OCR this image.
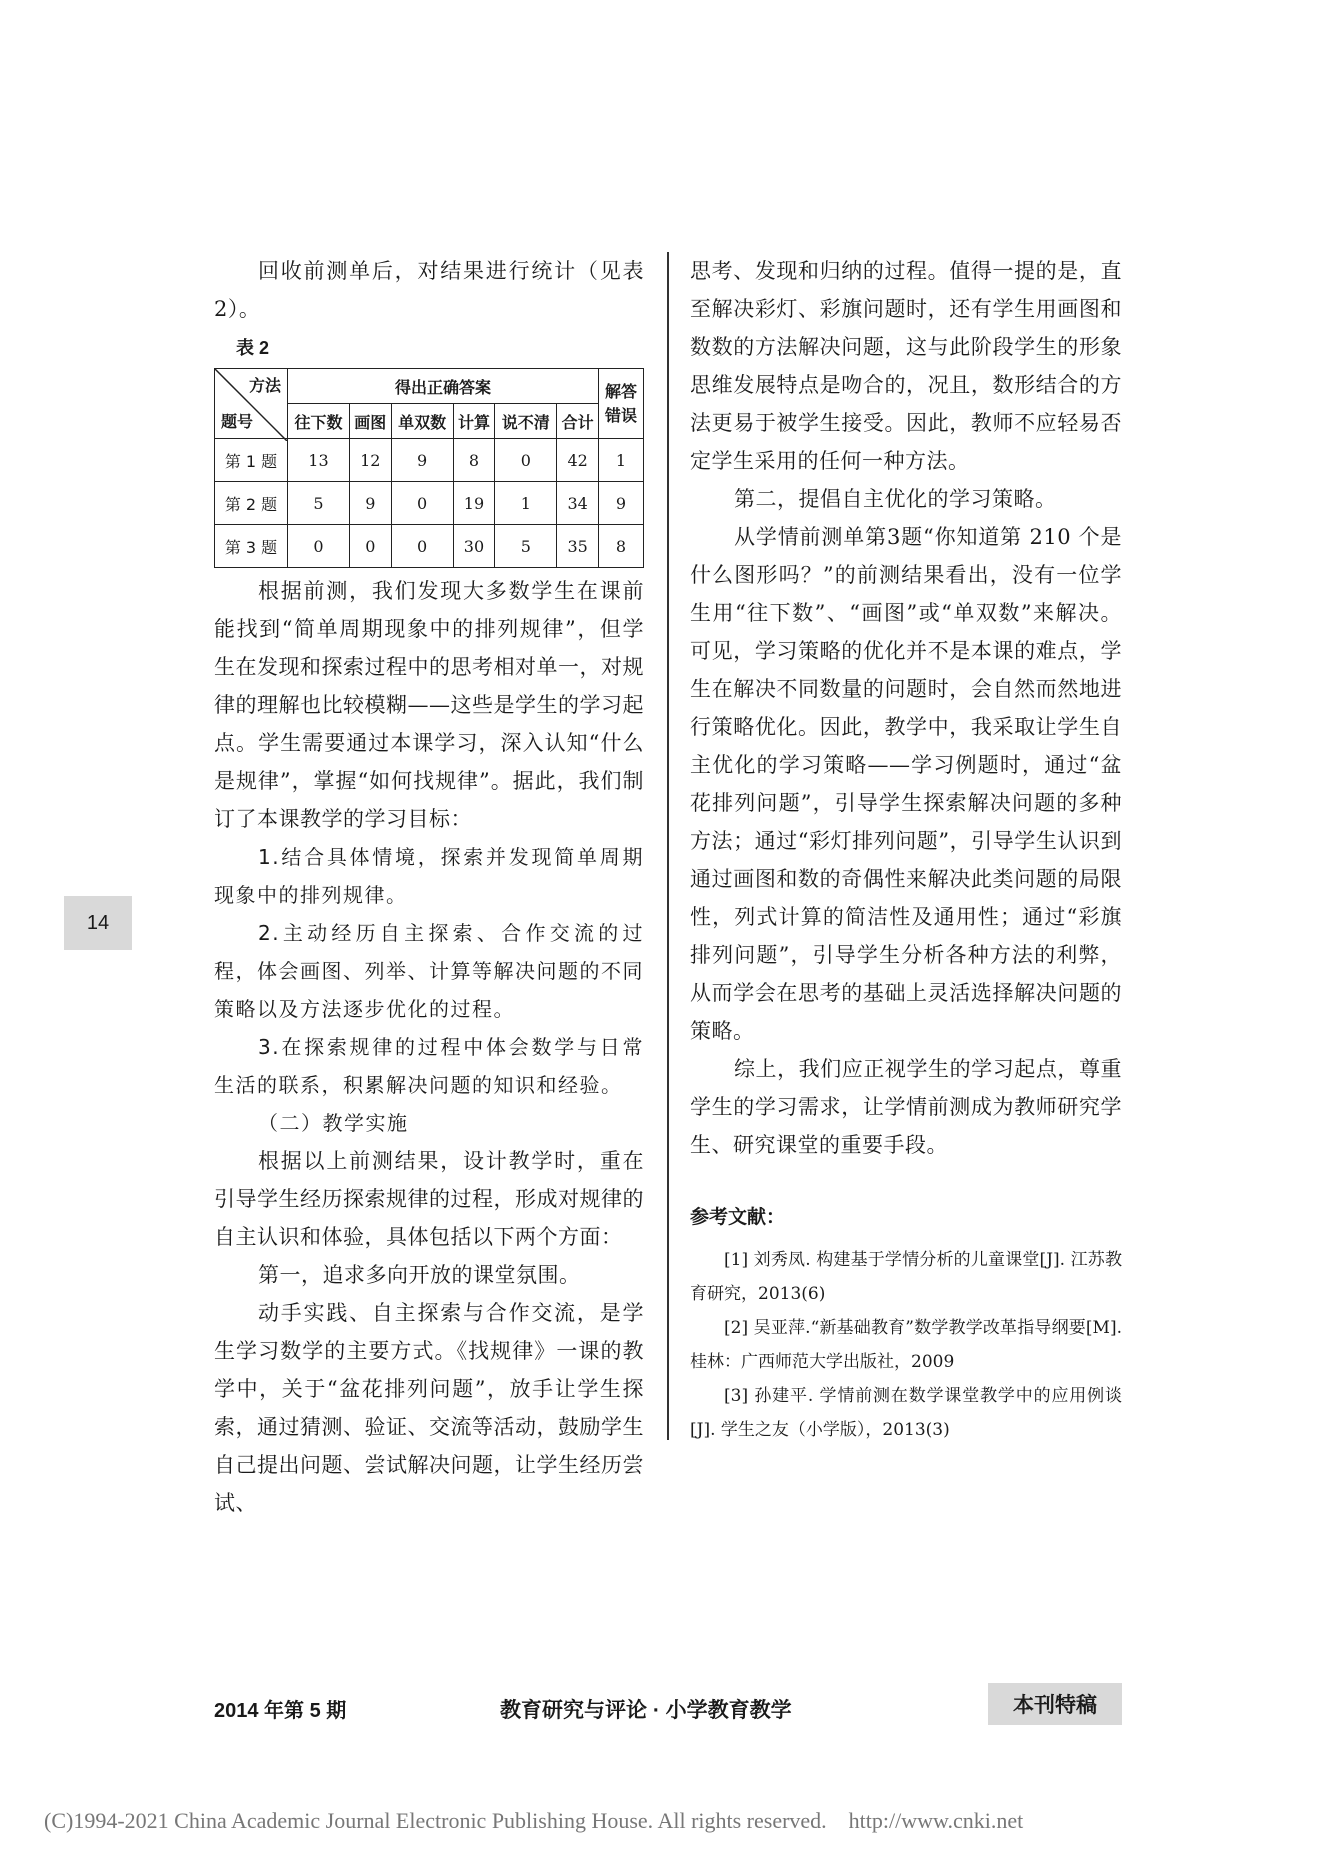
14

回收前测单后，对结果进行统计（见表2）。

表 2
方法
题号	得出正确答案						解答错误
	往下数	画图	单双数	计算	说不清	合计	
第 1 题	13	12	9	8	0	42	1
第 2 题	5	9	0	19	1	34	9
第 3 题	0	0	0	30	5	35	8

根据前测，我们发现大多数学生在课前能找到“简单周期现象中的排列规律”，但学生在发现和探索过程中的思考相对单一，对规律的理解也比较模糊——这些是学生的学习起点。学生需要通过本课学习，深入认知“什么是规律”，掌握“如何找规律”。据此，我们制订了本课教学的学习目标：

1.结合具体情境，探索并发现简单周期现象中的排列规律。

2.主动经历自主探索、合作交流的过程，体会画图、列举、计算等解决问题的不同策略以及方法逐步优化的过程。

3.在探索规律的过程中体会数学与日常生活的联系，积累解决问题的知识和经验。

（二）教学实施

根据以上前测结果，设计教学时，重在引导学生经历探索规律的过程，形成对规律的自主认识和体验，具体包括以下两个方面：

第一，追求多向开放的课堂氛围。

动手实践、自主探索与合作交流，是学生学习数学的主要方式。《找规律》一课的教学中，关于“盆花排列问题”，放手让学生探索，通过猜测、验证、交流等活动，鼓励学生自己提出问题、尝试解决问题，让学生经历尝试、

思考、发现和归纳的过程。值得一提的是，直至解决彩灯、彩旗问题时，还有学生用画图和数数的方法解决问题，这与此阶段学生的形象思维发展特点是吻合的，况且，数形结合的方法更易于被学生接受。因此，教师不应轻易否定学生采用的任何一种方法。

第二，提倡自主优化的学习策略。

从学情前测单第3题“你知道第 210 个是什么图形吗？”的前测结果看出，没有一位学生用“往下数”、“画图”或“单双数”来解决。可见，学习策略的优化并不是本课的难点，学生在解决不同数量的问题时，会自然而然地进行策略优化。因此，教学中，我采取让学生自主优化的学习策略——学习例题时，通过“盆花排列问题”，引导学生探索解决问题的多种方法；通过“彩灯排列问题”，引导学生认识到通过画图和数的奇偶性来解决此类问题的局限性，列式计算的简洁性及通用性；通过“彩旗排列问题”，引导学生分析各种方法的利弊，从而学会在思考的基础上灵活选择解决问题的策略。

综上，我们应正视学生的学习起点，尊重学生的学习需求，让学情前测成为教师研究学生、研究课堂的重要手段。

参考文献：

[1] 刘秀凤. 构建基于学情分析的儿童课堂[J]. 江苏教育研究，2013(6)

[2] 吴亚萍.“新基础教育”数学教学改革指导纲要[M]. 桂林：广西师范大学出版社，2009

[3] 孙建平. 学情前测在数学课堂教学中的应用例谈[J]. 学生之友（小学版），2013(3)

2014 年第 5 期	教育研究与评论 · 小学教育教学	本刊特稿
(C)1994-2021 China Academic Journal Electronic Publishing House. All rights reserved.    http://www.cnki.net
